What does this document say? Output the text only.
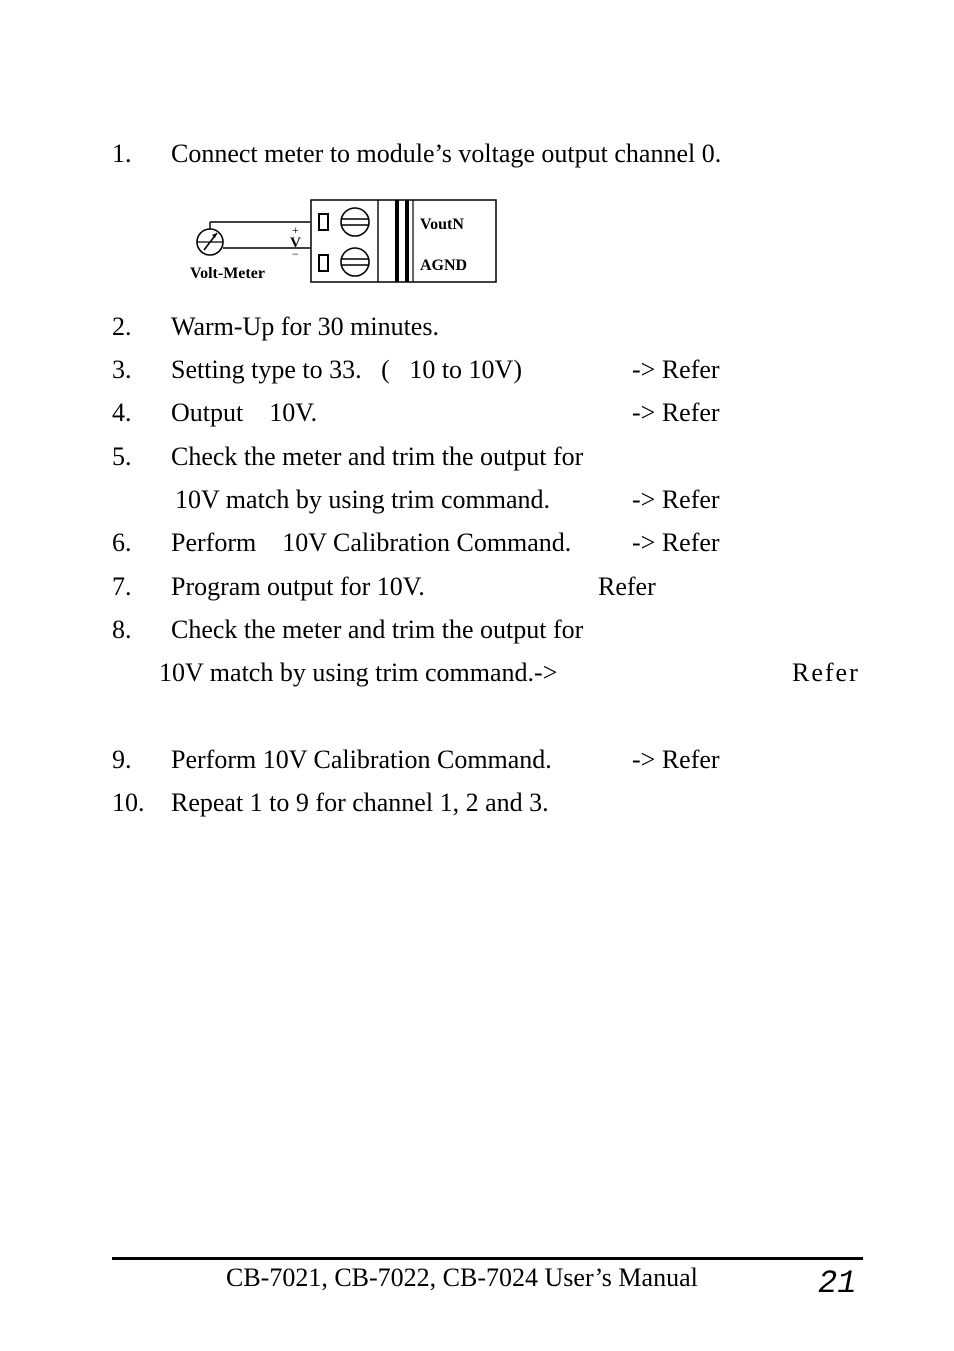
1. Connect meter to module’s voltage output channel 0.
Volt-Meter
+
V
−
VoutN
AGND
2. Warm-Up for 30 minutes.
3. Setting type to 33.   (   10 to 10V)	-> Refer
4. Output    10V.	-> Refer
5. Check the meter and trim the output for
10V match by using trim command.	-> Refer
6. Perform    10V Calibration Command. -> Refer
7. Program output for 10V.	Refer
8. Check the meter and trim the output for
10V match by using trim command.->	Refer
9. Perform 10V Calibration Command.	-> Refer
10. Repeat 1 to 9 for channel 1, 2 and 3.
CB-7021, CB-7022, CB-7024 User’s Manual	21
